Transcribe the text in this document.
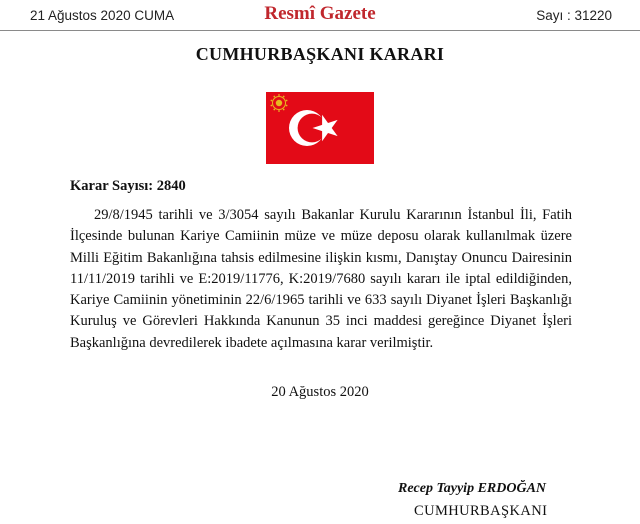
21 Ağustos 2020 CUMA	Resmî Gazete	Sayı : 31220
CUMHURBAŞKANI KARARI
Karar Sayısı: 2840

29/8/1945 tarihli ve 3/3054 sayılı Bakanlar Kurulu Kararının İstanbul İli, Fatih İlçesinde bulunan Kariye Camiinin müze ve müze deposu olarak kullanılmak üzere Milli Eğitim Bakanlığına tahsis edilmesine ilişkin kısmı, Danıştay Onuncu Dairesinin 11/11/2019 tarihli ve E:2019/11776, K:2019/7680 sayılı kararı ile iptal edildiğinden, Kariye Camiinin yönetiminin 22/6/1965 tarihli ve 633 sayılı Diyanet İşleri Başkanlığı Kuruluş ve Görevleri Hakkında Kanunun 35 inci maddesi gereğince Diyanet İşleri Başkanlığına devredilerek ibadete açılmasına karar verilmiştir.

20 Ağustos 2020
Recep Tayyip ERDOĞAN
CUMHURBAŞKANI
